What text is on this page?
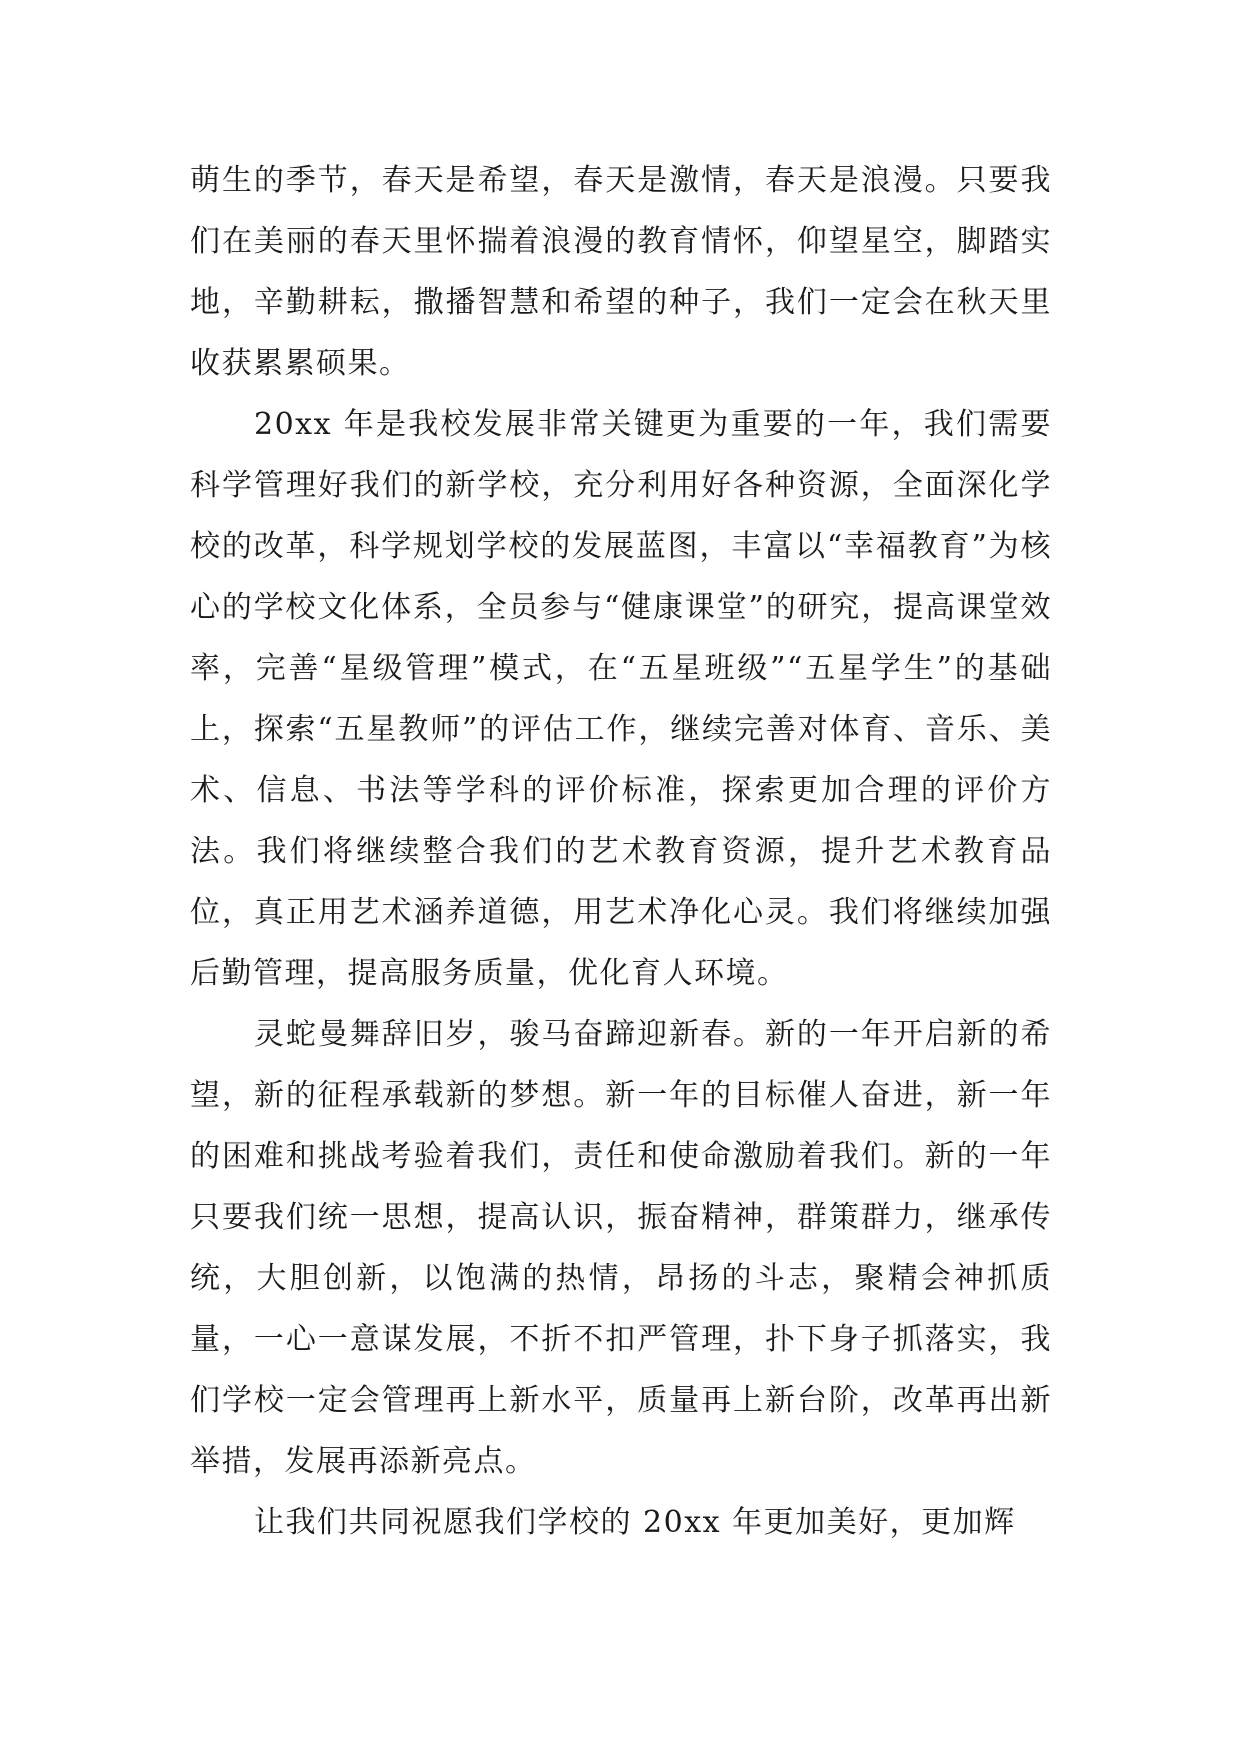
萌生的季节，春天是希望，春天是激情，春天是浪漫。只要我们在美丽的春天里怀揣着浪漫的教育情怀，仰望星空，脚踏实地，辛勤耕耘，撒播智慧和希望的种子，我们一定会在秋天里收获累累硕果。

20xx 年是我校发展非常关键更为重要的一年，我们需要科学管理好我们的新学校，充分利用好各种资源，全面深化学校的改革，科学规划学校的发展蓝图，丰富以“幸福教育”为核心的学校文化体系，全员参与“健康课堂”的研究，提高课堂效率，完善“星级管理”模式，在“五星班级”“五星学生”的基础上，探索“五星教师”的评估工作，继续完善对体育、音乐、美术、信息、书法等学科的评价标准，探索更加合理的评价方法。我们将继续整合我们的艺术教育资源，提升艺术教育品位，真正用艺术涵养道德，用艺术净化心灵。我们将继续加强后勤管理，提高服务质量，优化育人环境。

灵蛇曼舞辞旧岁，骏马奋蹄迎新春。新的一年开启新的希望，新的征程承载新的梦想。新一年的目标催人奋进，新一年的困难和挑战考验着我们，责任和使命激励着我们。新的一年只要我们统一思想，提高认识，振奋精神，群策群力，继承传统，大胆创新，以饱满的热情，昂扬的斗志，聚精会神抓质量，一心一意谋发展，不折不扣严管理，扑下身子抓落实，我们学校一定会管理再上新水平，质量再上新台阶，改革再出新举措，发展再添新亮点。

让我们共同祝愿我们学校的 20xx 年更加美好，更加辉
